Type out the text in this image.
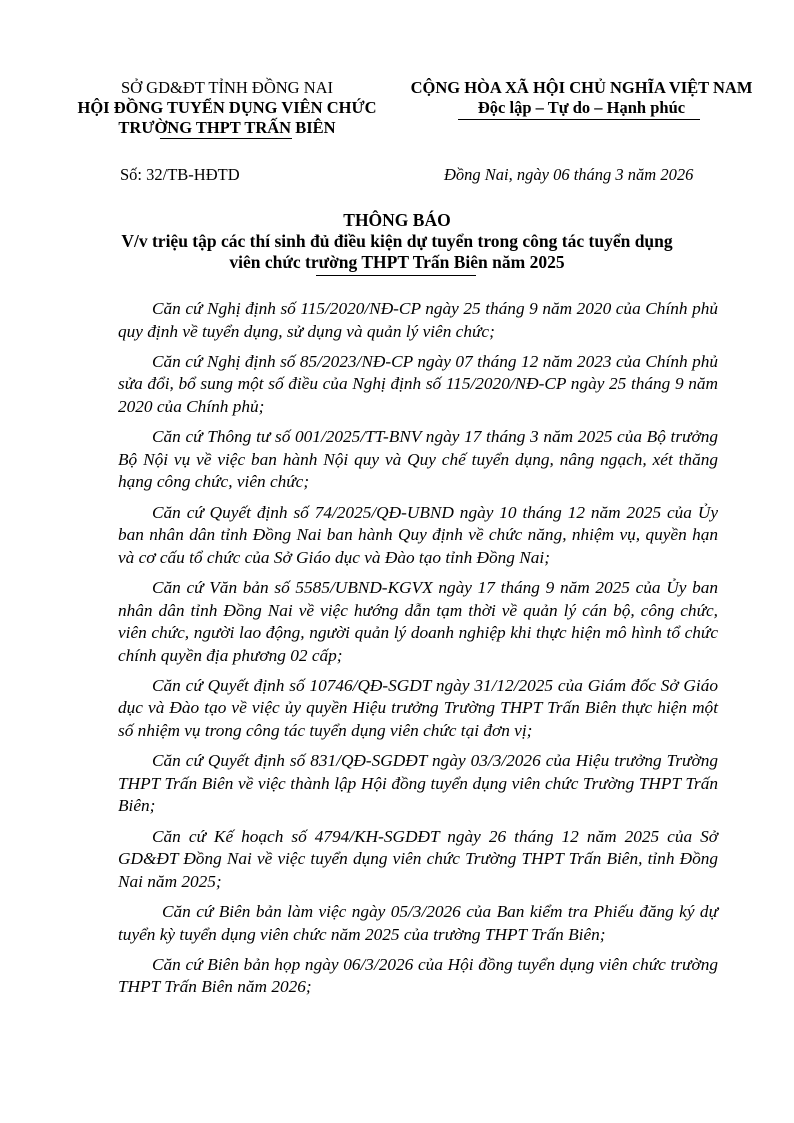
SỞ GD&ĐT TỈNH ĐỒNG NAI
HỘI ĐỒNG TUYỂN DỤNG VIÊN CHỨC
TRƯỜNG THPT TRẤN BIÊN
CỘNG HÒA XÃ HỘI CHỦ NGHĨA VIỆT NAM
Độc lập – Tự do – Hạnh phúc
Số: 32/TB-HĐTD	Đồng Nai, ngày 06 tháng 3 năm 2026
THÔNG BÁO
V/v triệu tập các thí sinh đủ điều kiện dự tuyển trong công tác tuyển dụng
viên chức trường THPT Trấn Biên năm 2025

Căn cứ Nghị định số 115/2020/NĐ-CP ngày 25 tháng 9 năm 2020 của Chính phủ quy định về tuyển dụng, sử dụng và quản lý viên chức;

Căn cứ Nghị định số 85/2023/NĐ-CP ngày 07 tháng 12 năm 2023 của Chính phủ sửa đổi, bổ sung một số điều của Nghị định số 115/2020/NĐ-CP ngày 25 tháng 9 năm 2020 của Chính phủ;

Căn cứ Thông tư số 001/2025/TT-BNV ngày 17 tháng 3 năm 2025 của Bộ trưởng Bộ Nội vụ về việc ban hành Nội quy và Quy chế tuyển dụng, nâng ngạch, xét thăng hạng công chức, viên chức;

Căn cứ Quyết định số 74/2025/QĐ-UBND ngày 10 tháng 12 năm 2025 của Ủy ban nhân dân tỉnh Đồng Nai ban hành Quy định về chức năng, nhiệm vụ, quyền hạn và cơ cấu tổ chức của Sở Giáo dục và Đào tạo tỉnh Đồng Nai;

Căn cứ Văn bản số 5585/UBND-KGVX ngày 17 tháng 9 năm 2025 của Ủy ban nhân dân tỉnh Đồng Nai về việc hướng dẫn tạm thời về quản lý cán bộ, công chức, viên chức, người lao động, người quản lý doanh nghiệp khi thực hiện mô hình tổ chức chính quyền địa phương 02 cấp;

Căn cứ Quyết định số 10746/QĐ-SGDT ngày 31/12/2025 của Giám đốc Sở Giáo dục và Đào tạo về việc ủy quyền Hiệu trưởng Trường THPT Trấn Biên thực hiện một số nhiệm vụ trong công tác tuyển dụng viên chức tại đơn vị;

Căn cứ Quyết định số 831/QĐ-SGDĐT ngày 03/3/2026 của Hiệu trưởng Trường THPT Trấn Biên về việc thành lập Hội đồng tuyển dụng viên chức Trường THPT Trấn Biên;

Căn cứ Kế hoạch số 4794/KH-SGDĐT ngày 26 tháng 12 năm 2025 của Sở GD&ĐT Đồng Nai về việc tuyển dụng viên chức Trường THPT Trấn Biên, tỉnh Đồng Nai năm 2025;

Căn cứ Biên bản làm việc ngày 05/3/2026 của Ban kiểm tra Phiếu đăng ký dự tuyển kỳ tuyển dụng viên chức năm 2025 của trường THPT Trấn Biên;

Căn cứ Biên bản họp ngày 06/3/2026 của Hội đồng tuyển dụng viên chức trường THPT Trấn Biên năm 2026;
